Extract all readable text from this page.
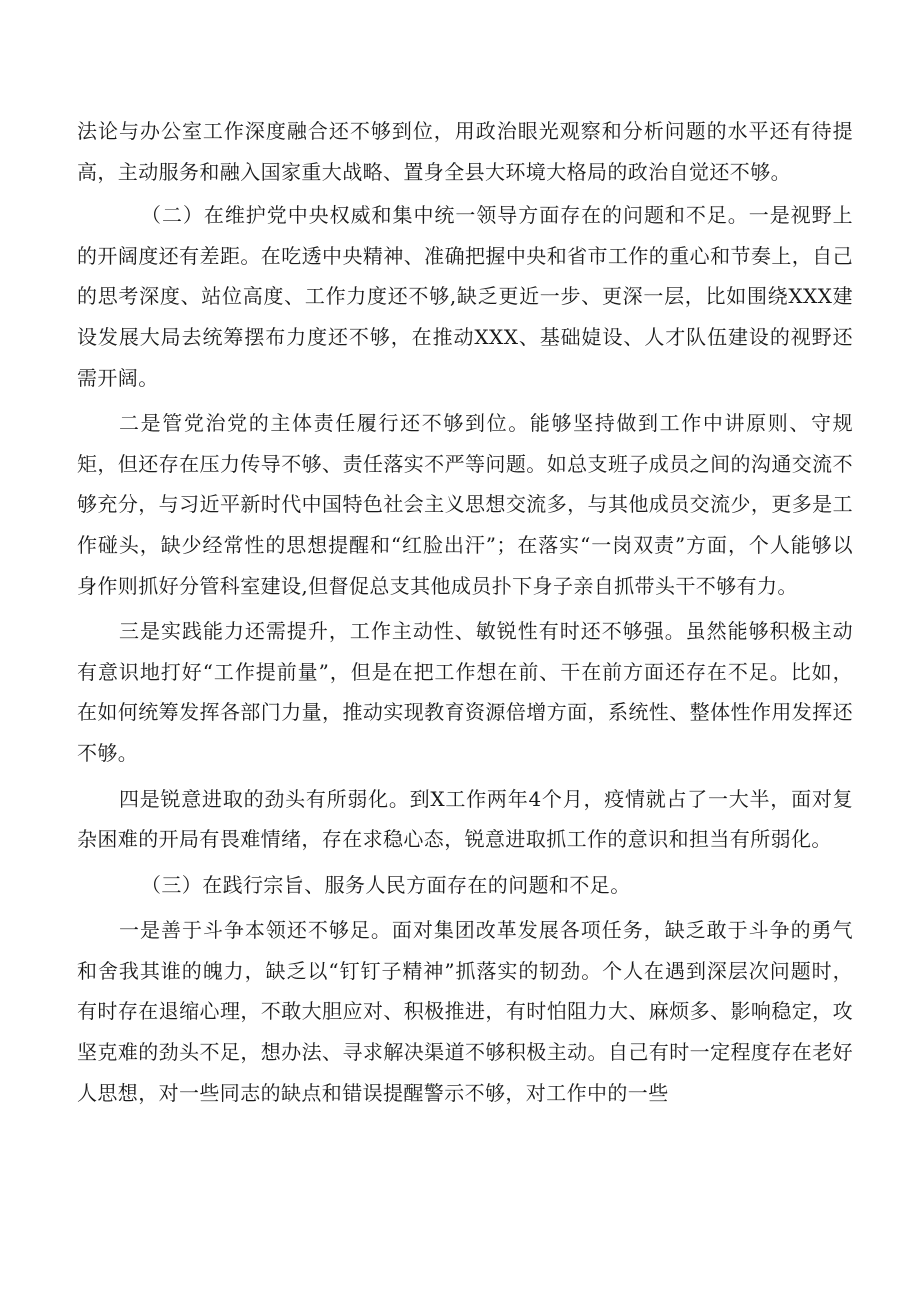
法论与办公室工作深度融合还不够到位，用政治眼光观察和分析问题的水平还有待提高，主动服务和融入国家重大战略、置身全县大环境大格局的政治自觉还不够。

（二）在维护党中央权威和集中统一领导方面存在的问题和不足。一是视野上的开阔度还有差距。在吃透中央精神、准确把握中央和省市工作的重心和节奏上，自己的思考深度、站位高度、工作力度还不够,缺乏更近一步、更深一层，比如围绕XXX建设发展大局去统筹摆布力度还不够，在推动XXX、基础媫设、人才队伍建设的视野还需开阔。

二是管党治党的主体责任履行还不够到位。能够坚持做到工作中讲原则、守规矩，但还存在压力传导不够、责任落实不严等问题。如总支班子成员之间的沟通交流不够充分，与习近平新时代中国特色社会主义思想交流多，与其他成员交流少，更多是工作碰头，缺少经常性的思想提醒和“红脸出汗”；在落实“一岗双责”方面，个人能够以身作则抓好分管科室建设,但督促总支其他成员扑下身子亲自抓带头干不够有力。

三是实践能力还需提升，工作主动性、敏锐性有时还不够强。虽然能够积极主动有意识地打好“工作提前量”，但是在把工作想在前、干在前方面还存在不足。比如，在如何统筹发挥各部门力量，推动实现教育资源倍增方面，系统性、整体性作用发挥还不够。

四是锐意进取的劲头有所弱化。到X工作两年4个月，疫情就占了一大半，面对复杂困难的开局有畏难情绪，存在求稳心态，锐意进取抓工作的意识和担当有所弱化。

（三）在践行宗旨、服务人民方面存在的问题和不足。

一是善于斗争本领还不够足。面对集团改革发展各项任务，缺乏敢于斗争的勇气和舍我其谁的魄力，缺乏以“钉钉子精神”抓落实的韧劲。个人在遇到深层次问题时，有时存在退缩心理，不敢大胆应对、积极推进，有时怕阻力大、麻烦多、影响稳定，攻坚克难的劲头不足，想办法、寻求解决渠道不够积极主动。自己有时一定程度存在老好人思想，对一些同志的缺点和错误提醒警示不够，对工作中的一些
